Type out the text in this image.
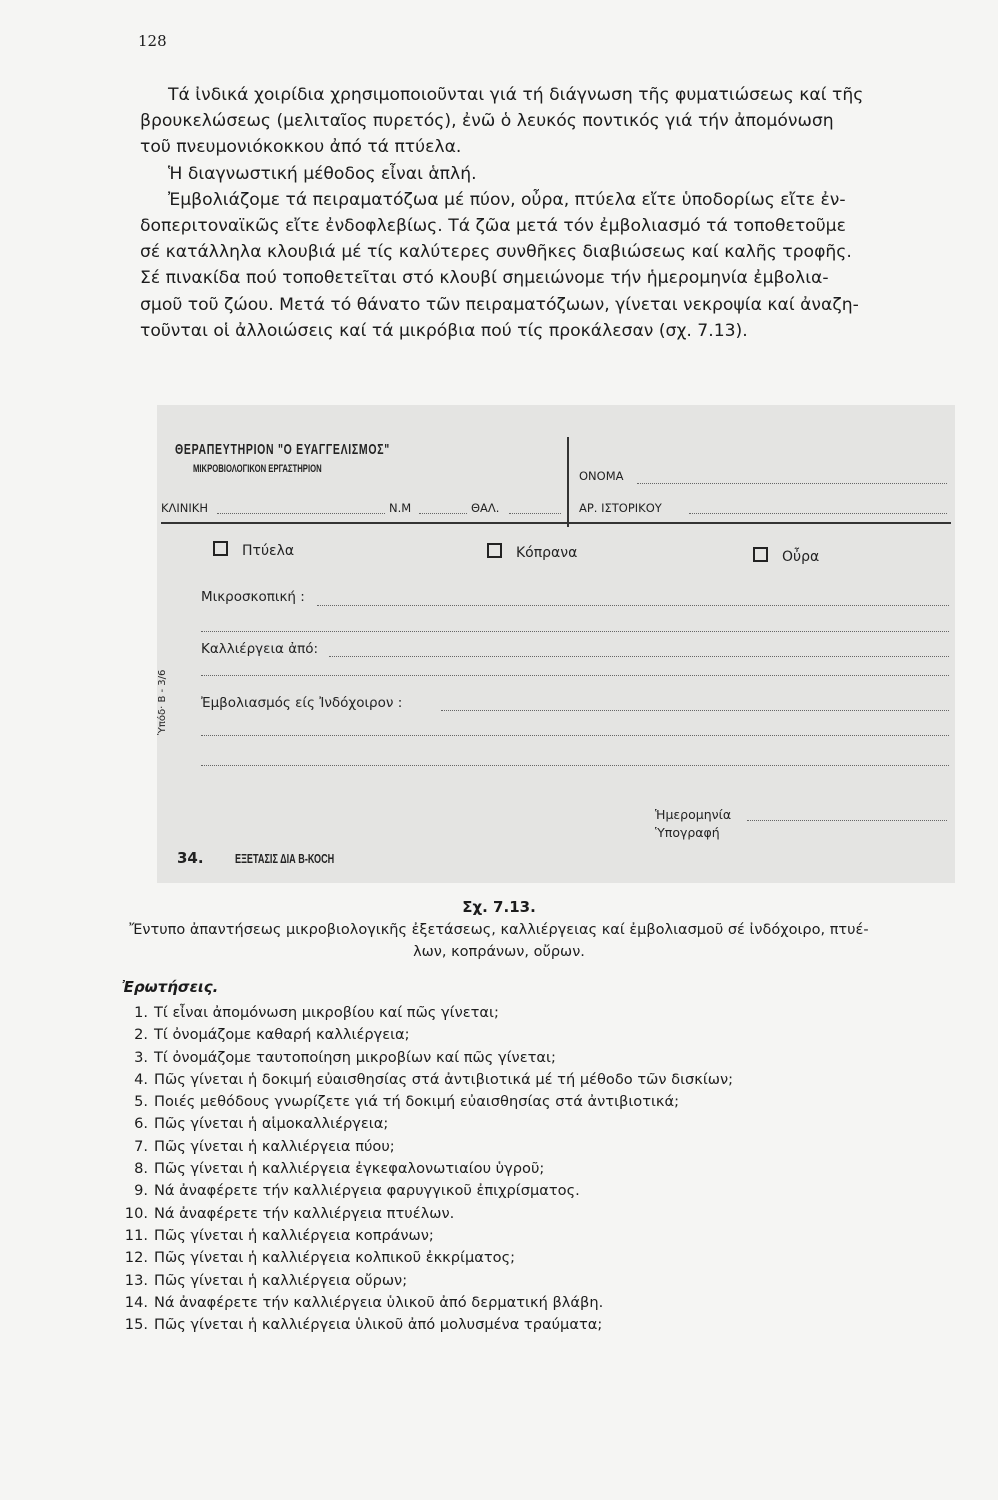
128
Τά ἰνδικά χοιρίδια χρησιμοποιοῦνται γιά τή διάγνωση τῆς φυματιώσεως καί τῆς
βρουκελώσεως (μελιταῖος πυρετός), ἐνῶ ὁ λευκός ποντικός γιά τήν ἀπομόνωση
τοῦ πνευμονιόκοκκου ἀπό τά πτύελα.
Ἡ διαγνωστική μέθοδος εἶναι ἁπλή.
Ἐμβολιάζομε τά πειραματόζωα μέ πύον, οὖρα, πτύελα εἴτε ὑποδορίως εἴτε ἐν-
δοπεριτοναϊκῶς εἴτε ἐνδοφλεβίως. Τά ζῶα μετά τόν ἐμβολιασμό τά τοποθετοῦμε
σέ κατάλληλα κλουβιά μέ τίς καλύτερες συνθῆκες διαβιώσεως καί καλῆς τροφῆς.
Σέ πινακίδα πού τοποθετεῖται στό κλουβί σημειώνομε τήν ἡμερομηνία ἐμβολια-
σμοῦ τοῦ ζώου. Μετά τό θάνατο τῶν πειραματόζωων, γίνεται νεκροψία καί ἀναζη-
τοῦνται οἱ ἀλλοιώσεις καί τά μικρόβια πού τίς προκάλεσαν (σχ. 7.13).
ΘΕΡΑΠΕΥΤΗΡΙΟΝ "Ο ΕΥΑΓΓΕΛΙΣΜΟΣ"
ΜΙΚΡΟΒΙΟΛΟΓΙΚΟΝ ΕΡΓΑΣΤΗΡΙΟΝ	ΟΝΟΜΑ
ΚΛΙΝΙΚΗ	Ν.Μ	ΘΑΛ.	ΑΡ. ΙΣΤΟΡΙΚΟΥ
Πτύελα	Κόπρανα	Οὖρα
Μικροσκοπική :
Καλλιέργεια ἀπό:
Ἐμβολιασμός είς Ἰνδόχοιρον :
Ὑπόδ· Β - 3/6
Ἡμερομηνία
Ὑπογραφή
34. ΕΞΕΤΑΣΙΣ ΔΙΑ Β-ΚΟCH
Σχ. 7.13.
Ἔντυπο ἀπαντήσεως μικροβιολογικῆς ἐξετάσεως, καλλιέργειας καί ἐμβολιασμοῦ σέ ἰνδόχοιρο, πτυέ-
λων, κοπράνων, οὔρων.
Ἐρωτήσεις.
1. Τί εἶναι ἀπομόνωση μικροβίου καί πῶς γίνεται;
2. Τί ὀνομάζομε καθαρή καλλιέργεια;
3. Τί ὀνομάζομε ταυτοποίηση μικροβίων καί πῶς γίνεται;
4. Πῶς γίνεται ἡ δοκιμή εὐαισθησίας στά ἀντιβιοτικά μέ τή μέθοδο τῶν δισκίων;
5. Ποιές μεθόδους γνωρίζετε γιά τή δοκιμή εὐαισθησίας στά ἀντιβιοτικά;
6. Πῶς γίνεται ἡ αἱμοκαλλιέργεια;
7. Πῶς γίνεται ἡ καλλιέργεια πύου;
8. Πῶς γίνεται ἡ καλλιέργεια ἐγκεφαλονωτιαίου ὑγροῦ;
9. Νά ἀναφέρετε τήν καλλιέργεια φαρυγγικοῦ ἐπιχρίσματος.
10. Νά ἀναφέρετε τήν καλλιέργεια πτυέλων.
11. Πῶς γίνεται ἡ καλλιέργεια κοπράνων;
12. Πῶς γίνεται ἡ καλλιέργεια κολπικοῦ ἐκκρίματος;
13. Πῶς γίνεται ἡ καλλιέργεια οὔρων;
14. Νά ἀναφέρετε τήν καλλιέργεια ὑλικοῦ ἀπό δερματική βλάβη.
15. Πῶς γίνεται ἡ καλλιέργεια ὑλικοῦ ἀπό μολυσμένα τραύματα;
